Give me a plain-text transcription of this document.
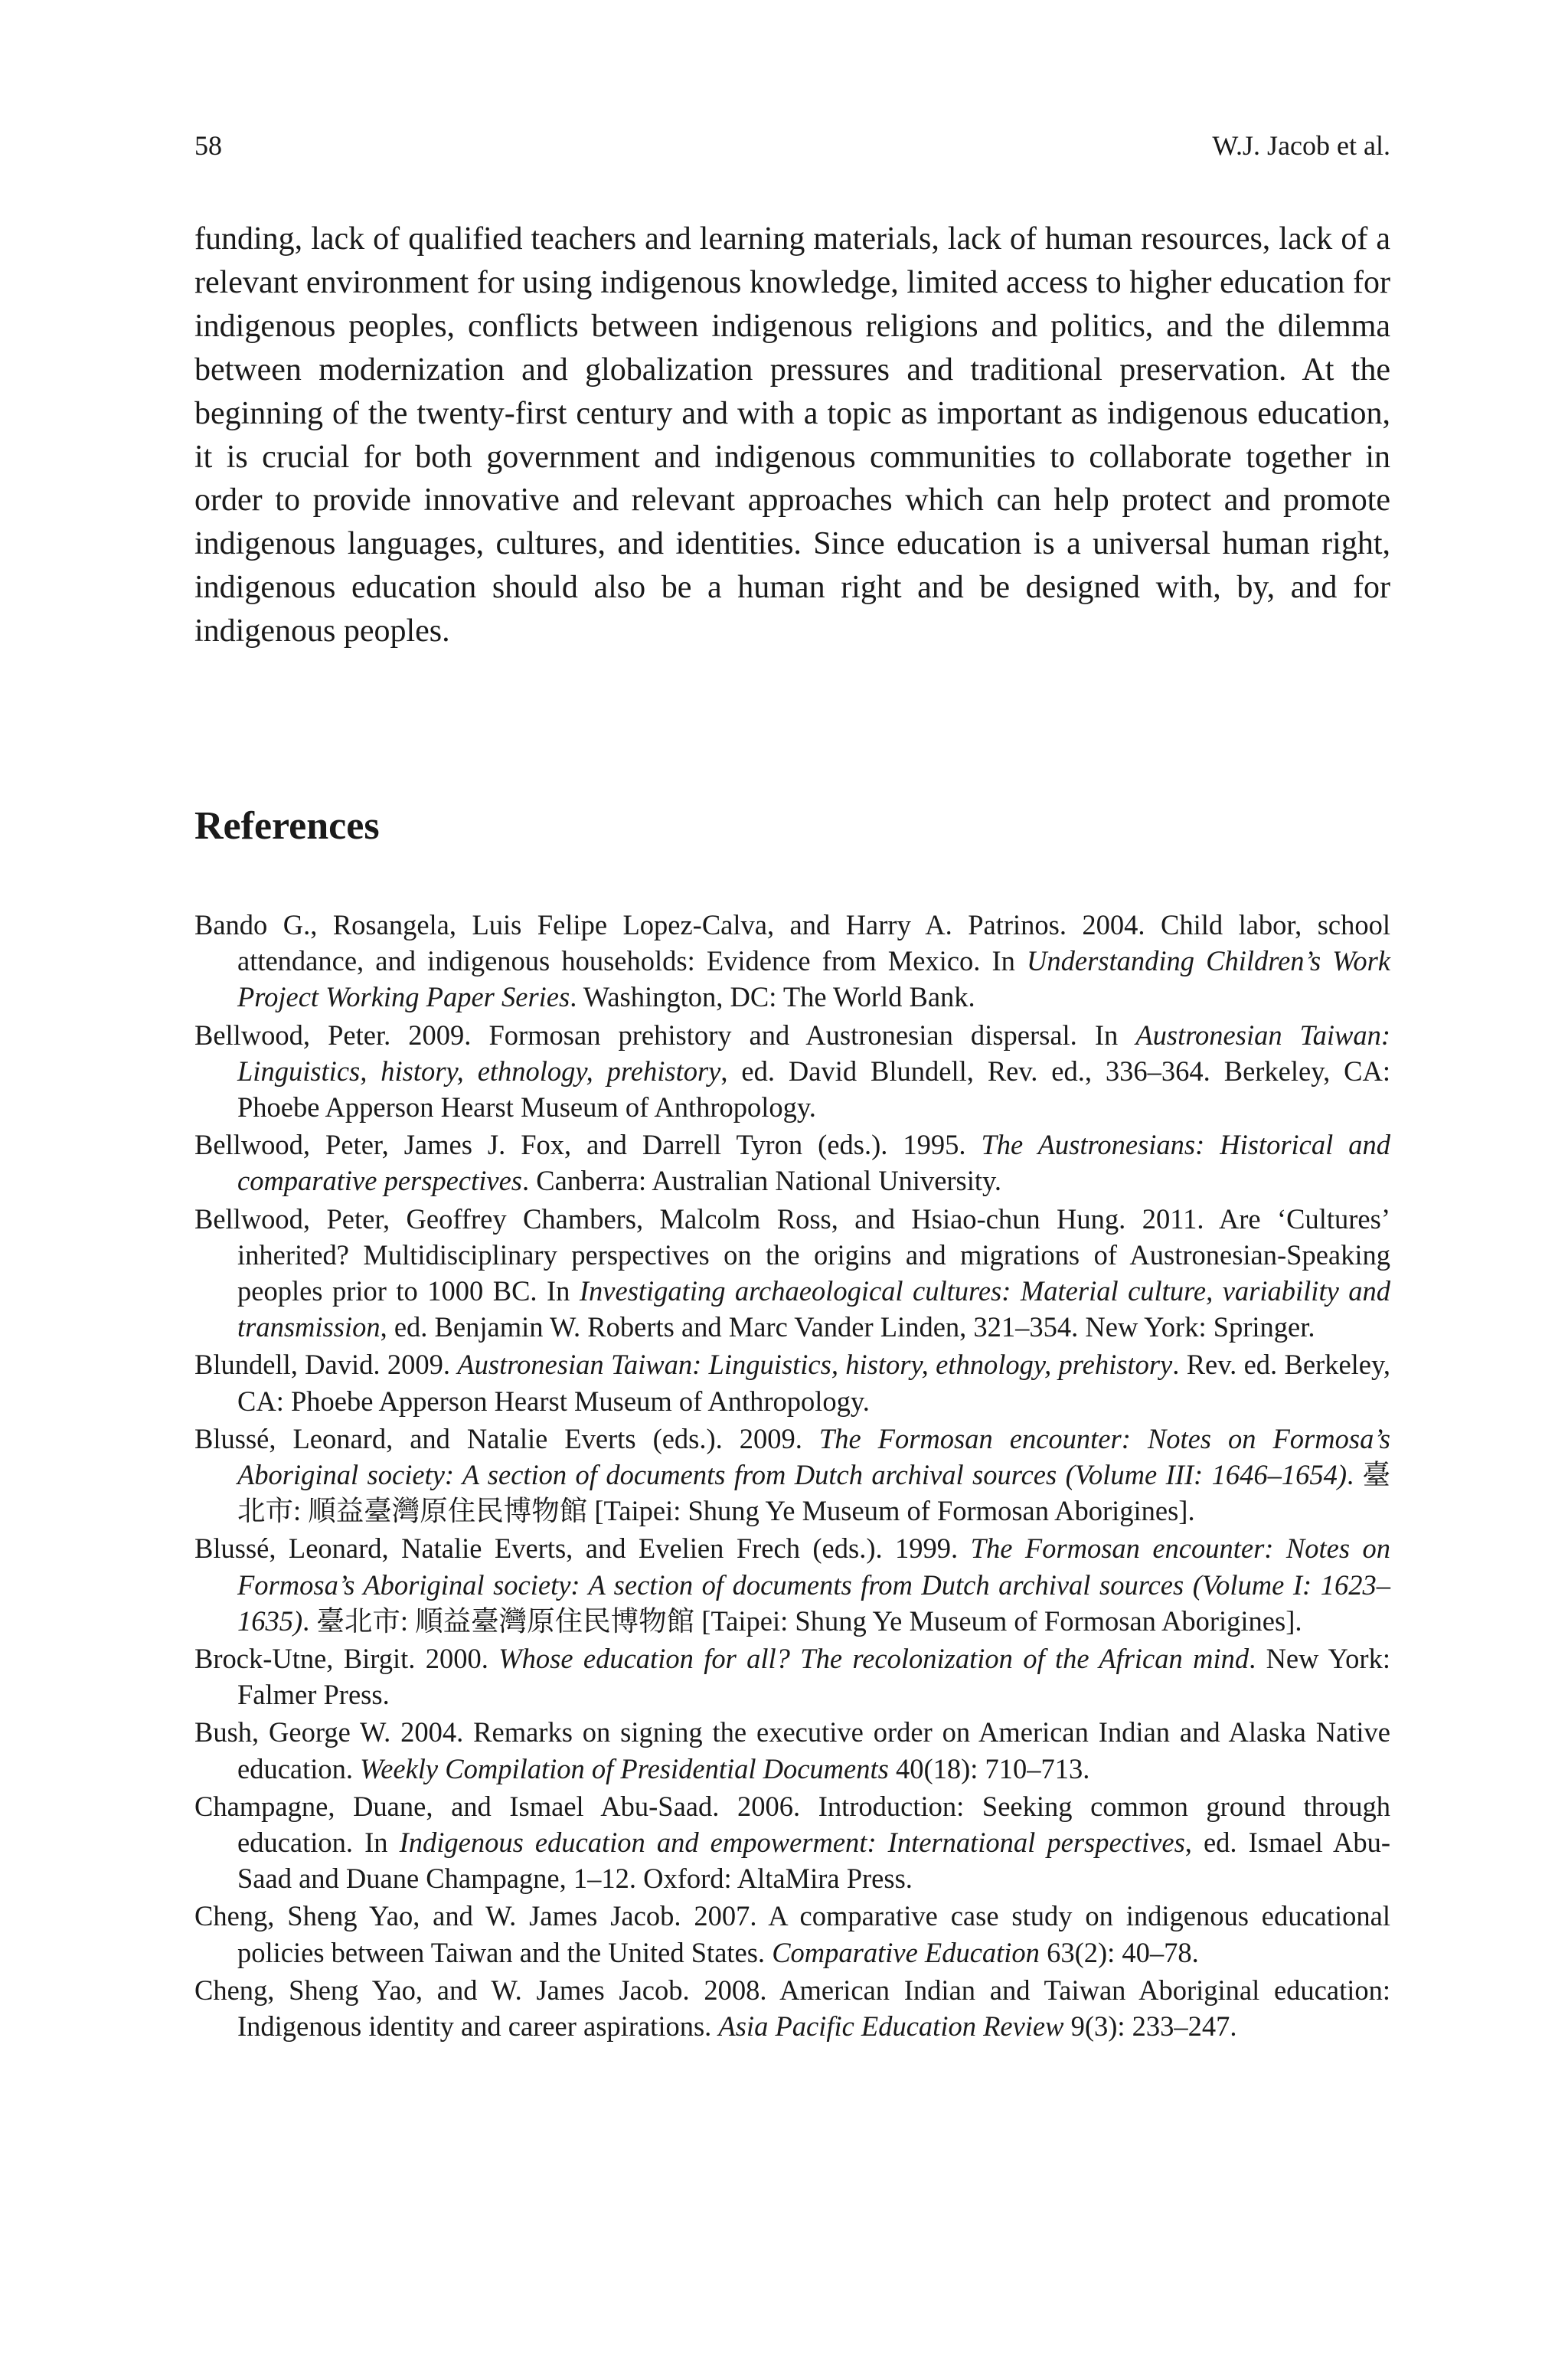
58	W.J. Jacob et al.

funding, lack of qualified teachers and learning materials, lack of human resources, lack of a relevant environment for using indigenous knowledge, limited access to higher education for indigenous peoples, conflicts between indigenous religions and politics, and the dilemma between modernization and globalization pressures and traditional preservation. At the beginning of the twenty-first century and with a topic as important as indigenous education, it is crucial for both government and indigenous communities to collaborate together in order to provide innovative and relevant approaches which can help protect and promote indigenous languages, cultures, and identities. Since education is a universal human right, indigenous education should also be a human right and be designed with, by, and for indigenous peoples.

References
Bando G., Rosangela, Luis Felipe Lopez-Calva, and Harry A. Patrinos. 2004. Child labor, school attendance, and indigenous households: Evidence from Mexico. In Understanding Children’s Work Project Working Paper Series. Washington, DC: The World Bank.
Bellwood, Peter. 2009. Formosan prehistory and Austronesian dispersal. In Austronesian Taiwan: Linguistics, history, ethnology, prehistory, ed. David Blundell, Rev. ed., 336–364. Berkeley, CA: Phoebe Apperson Hearst Museum of Anthropology.
Bellwood, Peter, James J. Fox, and Darrell Tyron (eds.). 1995. The Austronesians: Historical and comparative perspectives. Canberra: Australian National University.
Bellwood, Peter, Geoffrey Chambers, Malcolm Ross, and Hsiao-chun Hung. 2011. Are ‘Cultures’ inherited? Multidisciplinary perspectives on the origins and migrations of Austronesian-Speaking peoples prior to 1000 BC. In Investigating archaeological cultures: Material culture, variability and transmission, ed. Benjamin W. Roberts and Marc Vander Linden, 321–354. New York: Springer.
Blundell, David. 2009. Austronesian Taiwan: Linguistics, history, ethnology, prehistory. Rev. ed. Berkeley, CA: Phoebe Apperson Hearst Museum of Anthropology.
Blussé, Leonard, and Natalie Everts (eds.). 2009. The Formosan encounter: Notes on Formosa’s Aboriginal society: A section of documents from Dutch archival sources (Volume III: 1646–1654). 臺北市: 順益臺灣原住民博物館 [Taipei: Shung Ye Museum of Formosan Aborigines].
Blussé, Leonard, Natalie Everts, and Evelien Frech (eds.). 1999. The Formosan encounter: Notes on Formosa’s Aboriginal society: A section of documents from Dutch archival sources (Volume I: 1623–1635). 臺北市: 順益臺灣原住民博物館 [Taipei: Shung Ye Museum of Formosan Aborigines].
Brock-Utne, Birgit. 2000. Whose education for all? The recolonization of the African mind. New York: Falmer Press.
Bush, George W. 2004. Remarks on signing the executive order on American Indian and Alaska Native education. Weekly Compilation of Presidential Documents 40(18): 710–713.
Champagne, Duane, and Ismael Abu-Saad. 2006. Introduction: Seeking common ground through education. In Indigenous education and empowerment: International perspectives, ed. Ismael Abu-Saad and Duane Champagne, 1–12. Oxford: AltaMira Press.
Cheng, Sheng Yao, and W. James Jacob. 2007. A comparative case study on indigenous educational policies between Taiwan and the United States. Comparative Education 63(2): 40–78.
Cheng, Sheng Yao, and W. James Jacob. 2008. American Indian and Taiwan Aboriginal education: Indigenous identity and career aspirations. Asia Pacific Education Review 9(3): 233–247.
